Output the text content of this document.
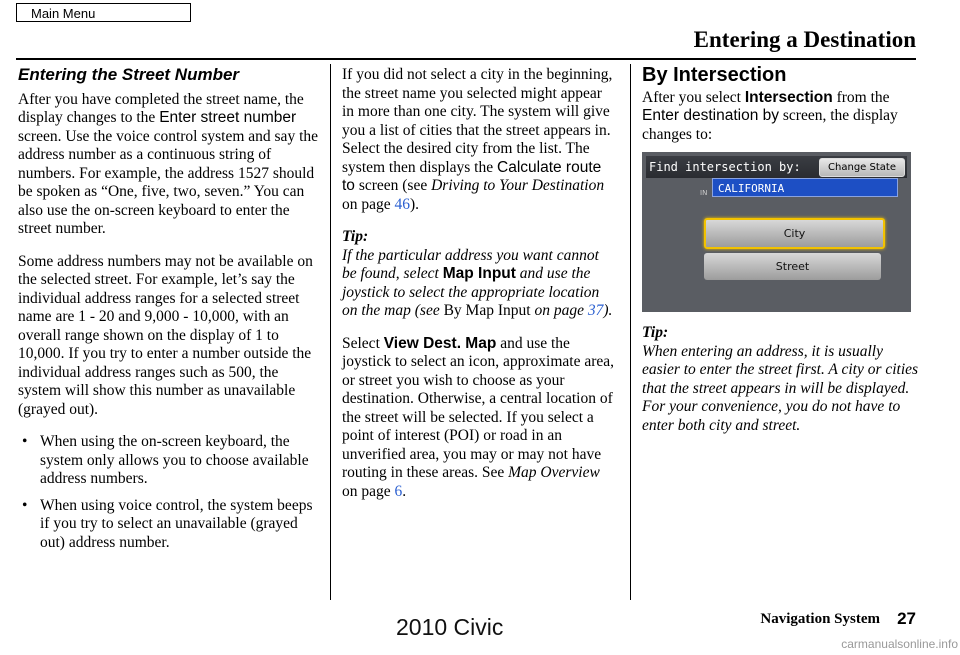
Main Menu
Entering a Destination
Entering the Street Number

After you have completed the street name, the display changes to the Enter street number screen. Use the voice control system and say the address number as a continuous string of numbers. For example, the address 1527 should be spoken as “One, five, two, seven.” You can also use the on-screen keyboard to enter the street number.

Some address numbers may not be available on the selected street. For example, let’s say the individual address ranges for a selected street name are 1 - 20 and 9,000 - 10,000, with an overall range shown on the display of 1 to 10,000. If you try to enter a number outside the individual address ranges such as 500, the system will show this number as unavailable (grayed out).

• When using the on-screen keyboard, the system only allows you to choose available address numbers.
• When using voice control, the system beeps if you try to select an unavailable (grayed out) address number.

If you did not select a city in the beginning, the street name you selected might appear in more than one city. The system will give you a list of cities that the street appears in. Select the desired city from the list. The system then displays the Calculate route to screen (see Driving to Your Destination on page 46).

Tip:

If the particular address you want cannot be found, select Map Input and use the joystick to select the appropriate location on the map (see By Map Input on page 37).

Select View Dest. Map and use the joystick to select an icon, approximate area, or street you wish to choose as your destination. Otherwise, a central location of the street will be selected. If you select a point of interest (POI) or road in an unverified area, you may or may not have routing in these areas. See Map Overview on page 6.

By Intersection

After you select Intersection from the Enter destination by screen, the display changes to:

Find intersection by:	Change State
IN CALIFORNIA
City
Street
Tip:

When entering an address, it is usually easier to enter the street first. A city or cities that the street appears in will be displayed. For your convenience, you do not have to enter both city and street.

2010 Civic	Navigation System 27
carmanualsonline.info
